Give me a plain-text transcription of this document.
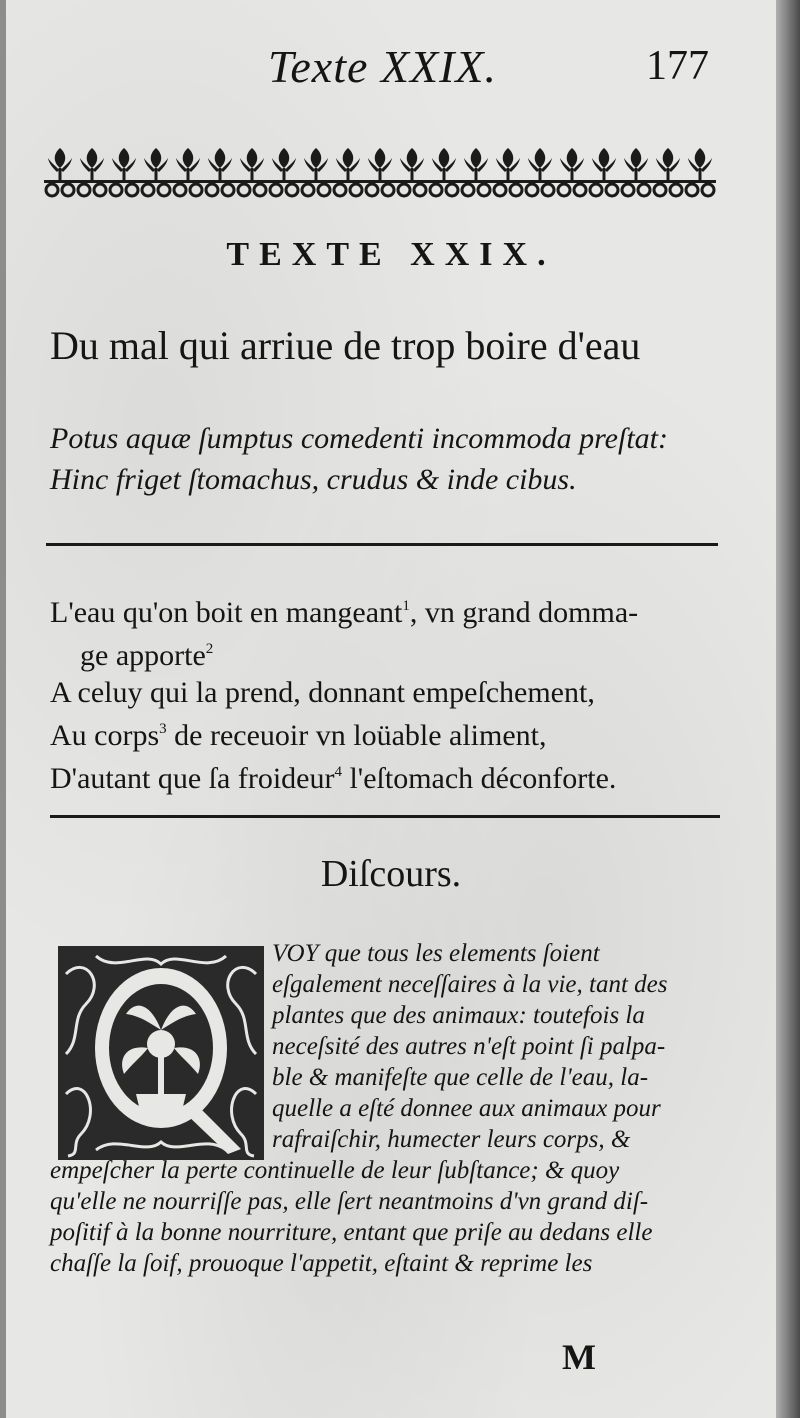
Texte XXIX.	177
TEXTE XXIX.
Du mal qui arriue de trop boire d'eau
Potus aquæ ſumptus comedenti incommoda preſtat:
Hinc friget ſtomachus, crudus & inde cibus.
L'eau qu'on boit en mangeant$^1$, vn grand domma-
ge apporte$^2$
A celuy qui la prend, donnant empeſchement,
Au corps$^3$ de receuoir vn loüable aliment,
D'autant que ſa froideur$^4$ l'eſtomach déconforte.
Diſcours.
VOY que tous les elements ſoient
eſgalement neceſſaires à la vie, tant des
plantes que des animaux: toutefois la
neceſsité des autres n'eſt point ſi palpa-
ble & manifeſte que celle de l'eau, la-
quelle a eſté donnee aux animaux pour
rafraiſchir, humecter leurs corps, &
empeſcher la perte continuelle de leur ſubſtance; & quoy
qu'elle ne nourriſſe pas, elle ſert neantmoins d'vn grand diſ-
poſitif à la bonne nourriture, entant que priſe au dedans elle
chaſſe la ſoif, prouoque l'appetit, eſtaint & reprime les
M
